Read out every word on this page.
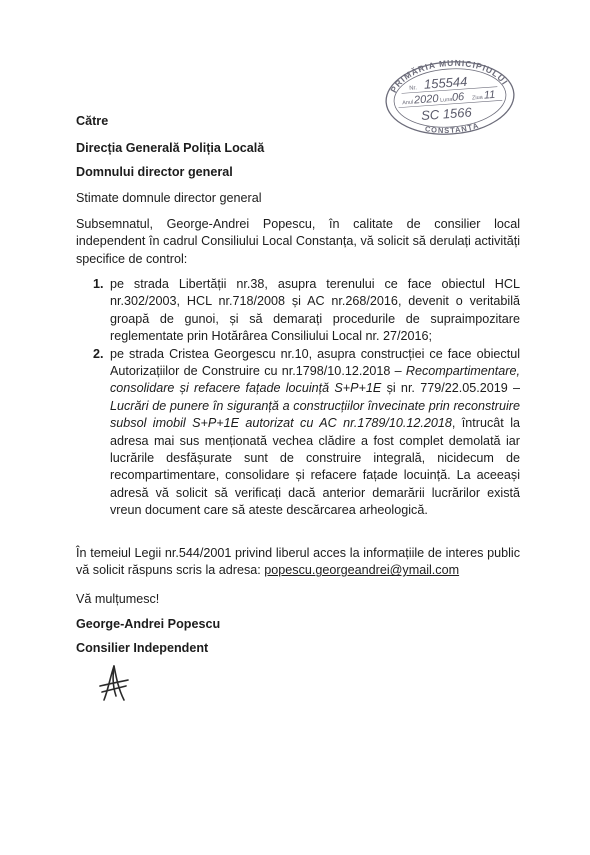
PRIMĂRIA MUNICIPIULUI
Nr. 155544
Anul 2020 Luna
06 Ziua 11
SC 1566
CONSTANȚA
Către
Direcția Generală Poliția Locală
Domnului director general
Stimate domnule director general
Subsemnatul, George-Andrei Popescu, în calitate de consilier local independent în cadrul Consiliului Local Constanța, vă solicit să derulați activități specifice de control:
1. pe strada Libertății nr.38, asupra terenului ce face obiectul HCL nr.302/2003, HCL nr.718/2008 și AC nr.268/2016, devenit o veritabilă groapă de gunoi, și să demarați procedurile de supraimpozitare reglementate prin Hotărârea Consiliului Local nr. 27/2016;
2. pe strada Cristea Georgescu nr.10, asupra construcției ce face obiectul Autorizațiilor de Construire cu nr.1798/10.12.2018 – Recompartimentare, consolidare și refacere fațade locuință S+P+1E și nr. 779/22.05.2019 – Lucrări de punere în siguranță a construcțiilor învecinate prin reconstruire subsol imobil S+P+1E autorizat cu AC nr.1789/10.12.2018, întrucât la adresa mai sus menționată vechea clădire a fost complet demolată iar lucrările desfășurate sunt de construire integrală, nicidecum de recompartimentare, consolidare și refacere fațade locuință. La aceeași adresă vă solicit să verificați dacă anterior demarării lucrărilor există vreun document care să ateste descărcarea arheologică.
În temeiul Legii nr.544/2001 privind liberul acces la informațiile de interes public vă solicit răspuns scris la adresa: popescu.georgeandrei@ymail.com
Vă mulțumesc!
George-Andrei Popescu
Consilier Independent
